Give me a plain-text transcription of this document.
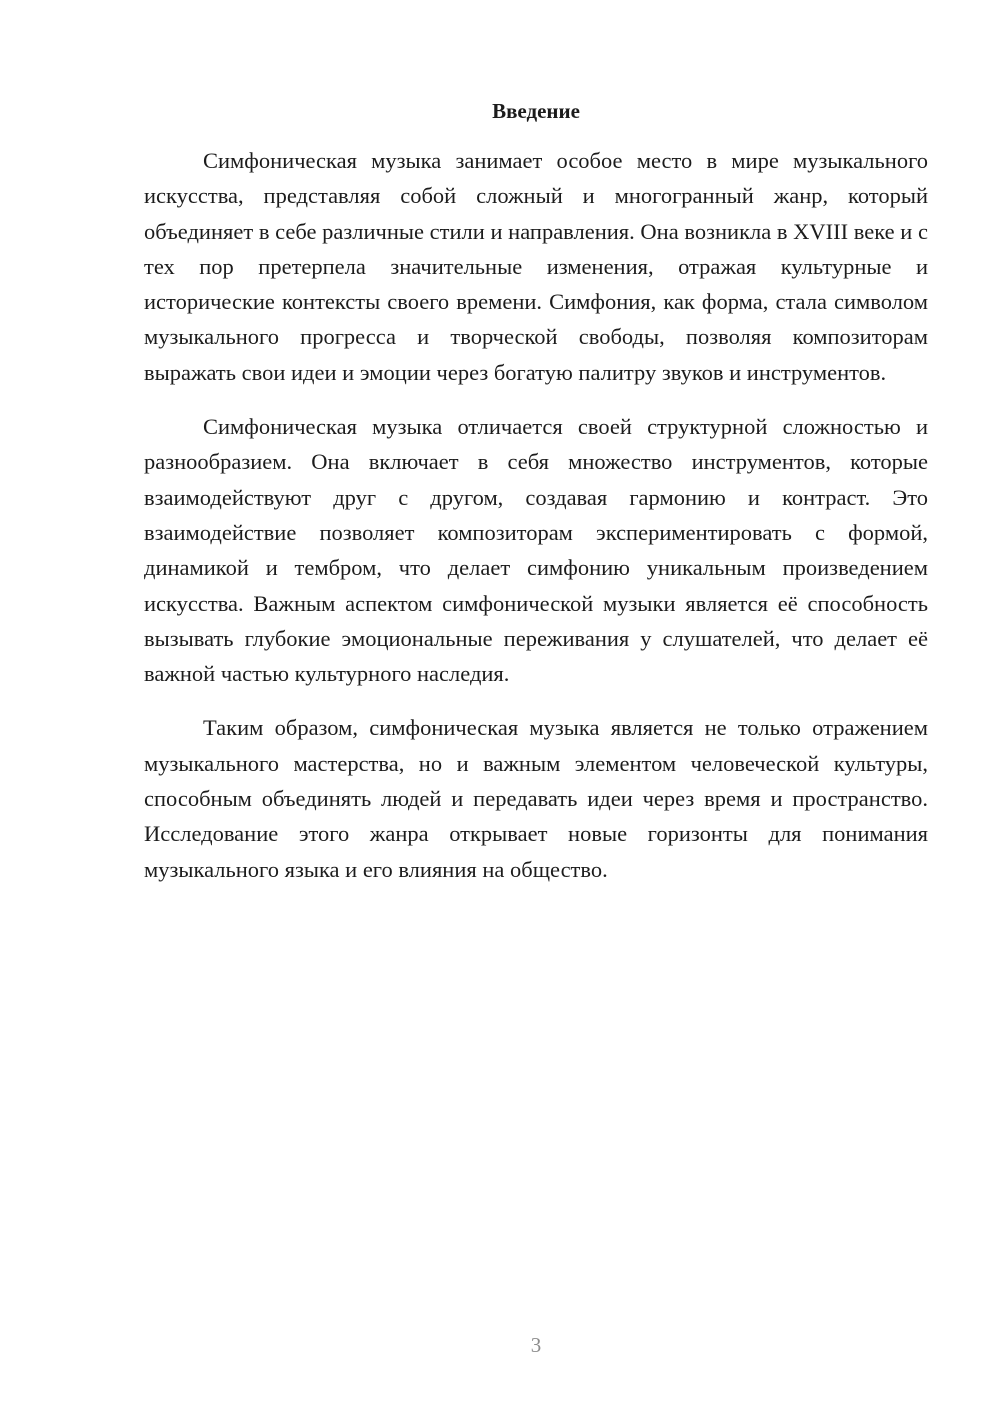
Введение

Симфоническая музыка занимает особое место в мире музыкального искусства, представляя собой сложный и многогранный жанр, который объединяет в себе различные стили и направления. Она возникла в XVIII веке и с тех пор претерпела значительные изменения, отражая культурные и исторические контексты своего времени. Симфония, как форма, стала символом музыкального прогресса и творческой свободы, позволяя композиторам выражать свои идеи и эмоции через богатую палитру звуков и инструментов.

Симфоническая музыка отличается своей структурной сложностью и разнообразием. Она включает в себя множество инструментов, которые взаимодействуют друг с другом, создавая гармонию и контраст. Это взаимодействие позволяет композиторам экспериментировать с формой, динамикой и тембром, что делает симфонию уникальным произведением искусства. Важным аспектом симфонической музыки является её способность вызывать глубокие эмоциональные переживания у слушателей, что делает её важной частью культурного наследия.

Таким образом, симфоническая музыка является не только отражением музыкального мастерства, но и важным элементом человеческой культуры, способным объединять людей и передавать идеи через время и пространство. Исследование этого жанра открывает новые горизонты для понимания музыкального языка и его влияния на общество.

3
